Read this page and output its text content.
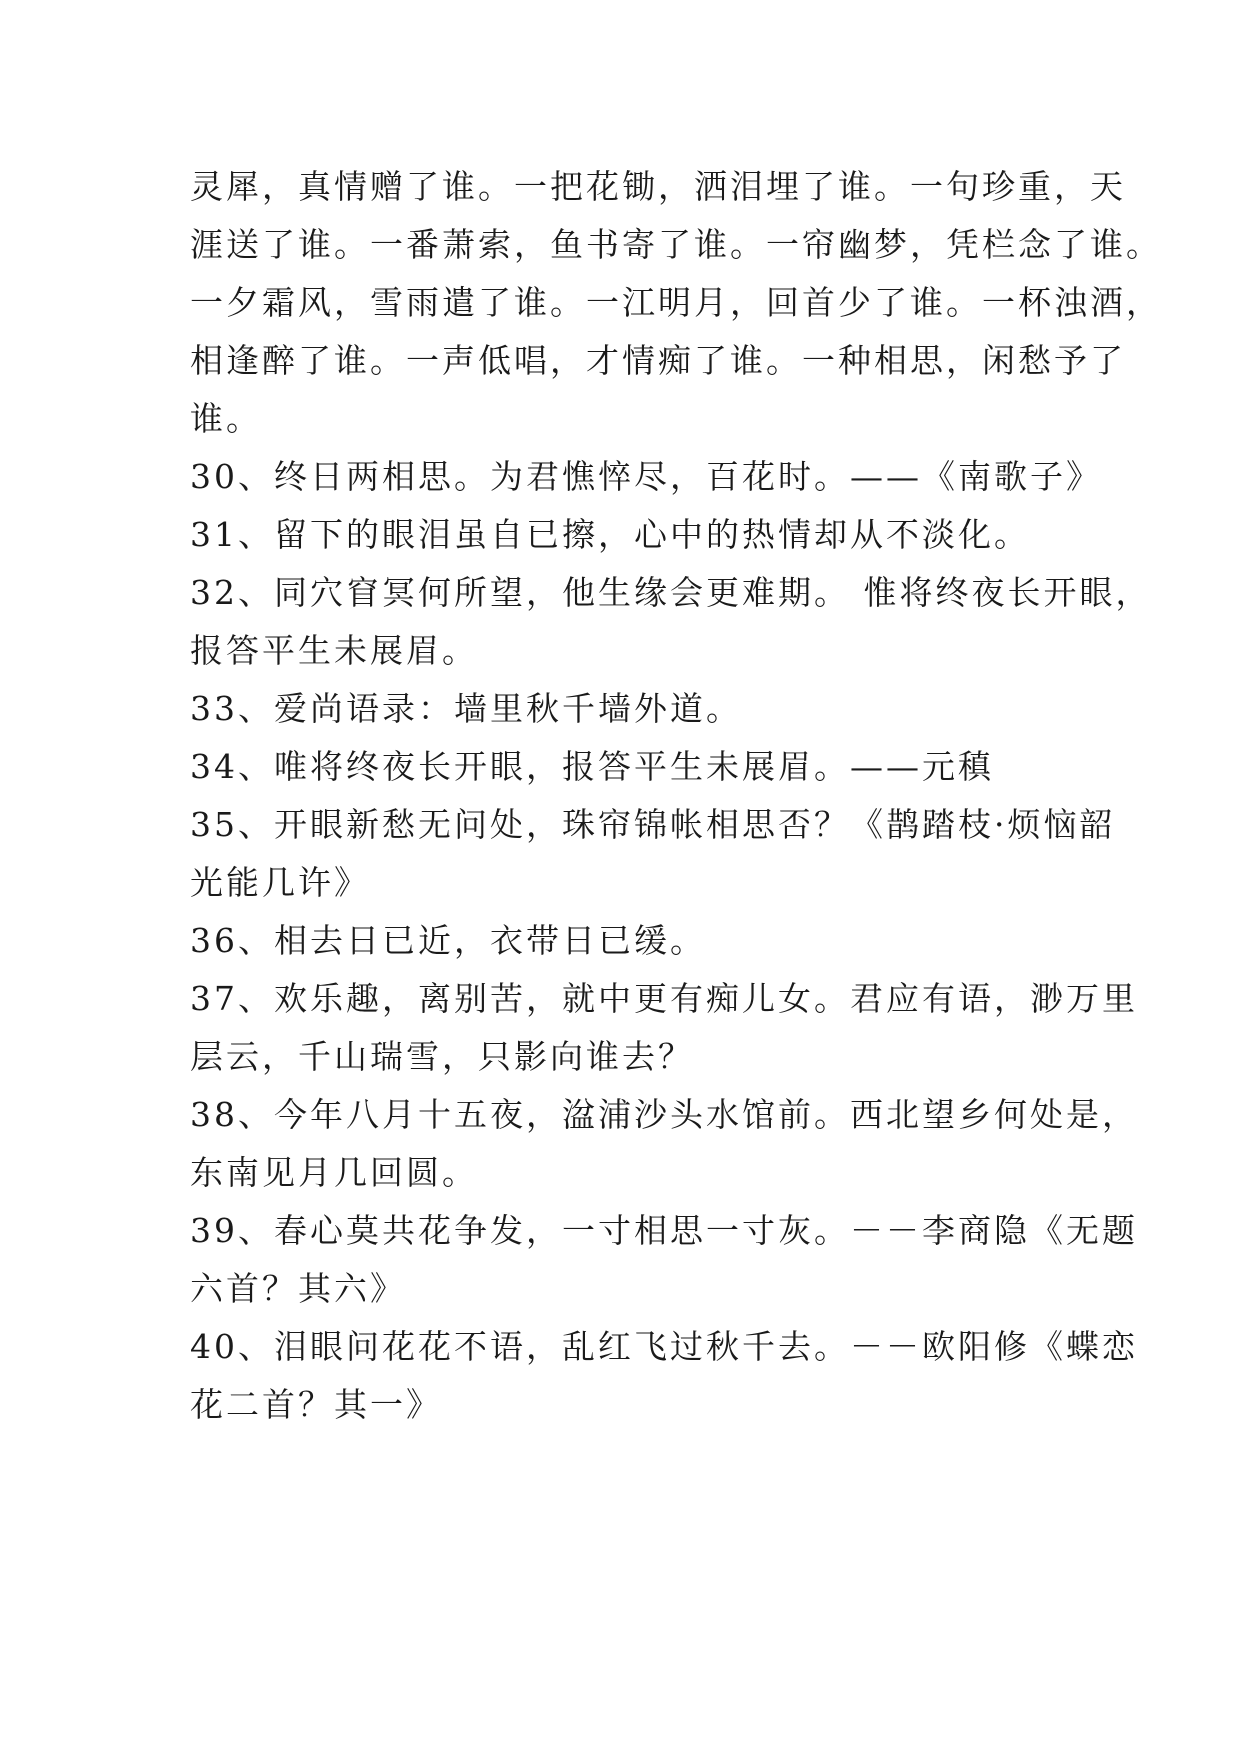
灵犀，真情赠了谁。一把花锄，洒泪埋了谁。一句珍重，天
涯送了谁。一番萧索，鱼书寄了谁。一帘幽梦，凭栏念了谁。
一夕霜风，雪雨遣了谁。一江明月，回首少了谁。一杯浊酒，
相逢醉了谁。一声低唱，才情痴了谁。一种相思，闲愁予了
谁。
30、终日两相思。为君憔悴尽，百花时。——《南歌子》
31、留下的眼泪虽自已擦，心中的热情却从不淡化。
32、同穴窅冥何所望，他生缘会更难期。 惟将终夜长开眼，
报答平生未展眉。
33、爱尚语录：墙里秋千墙外道。
34、唯将终夜长开眼，报答平生未展眉。——元稹
35、开眼新愁无问处，珠帘锦帐相思否？《鹊踏枝·烦恼韶
光能几许》
36、相去日已近，衣带日已缓。
37、欢乐趣，离别苦，就中更有痴儿女。君应有语，渺万里
层云，千山瑞雪，只影向谁去？
38、今年八月十五夜，湓浦沙头水馆前。西北望乡何处是，
东南见月几回圆。
39、春心莫共花争发，一寸相思一寸灰。－－李商隐《无题
六首？其六》
40、泪眼问花花不语，乱红飞过秋千去。－－欧阳修《蝶恋
花二首？其一》
